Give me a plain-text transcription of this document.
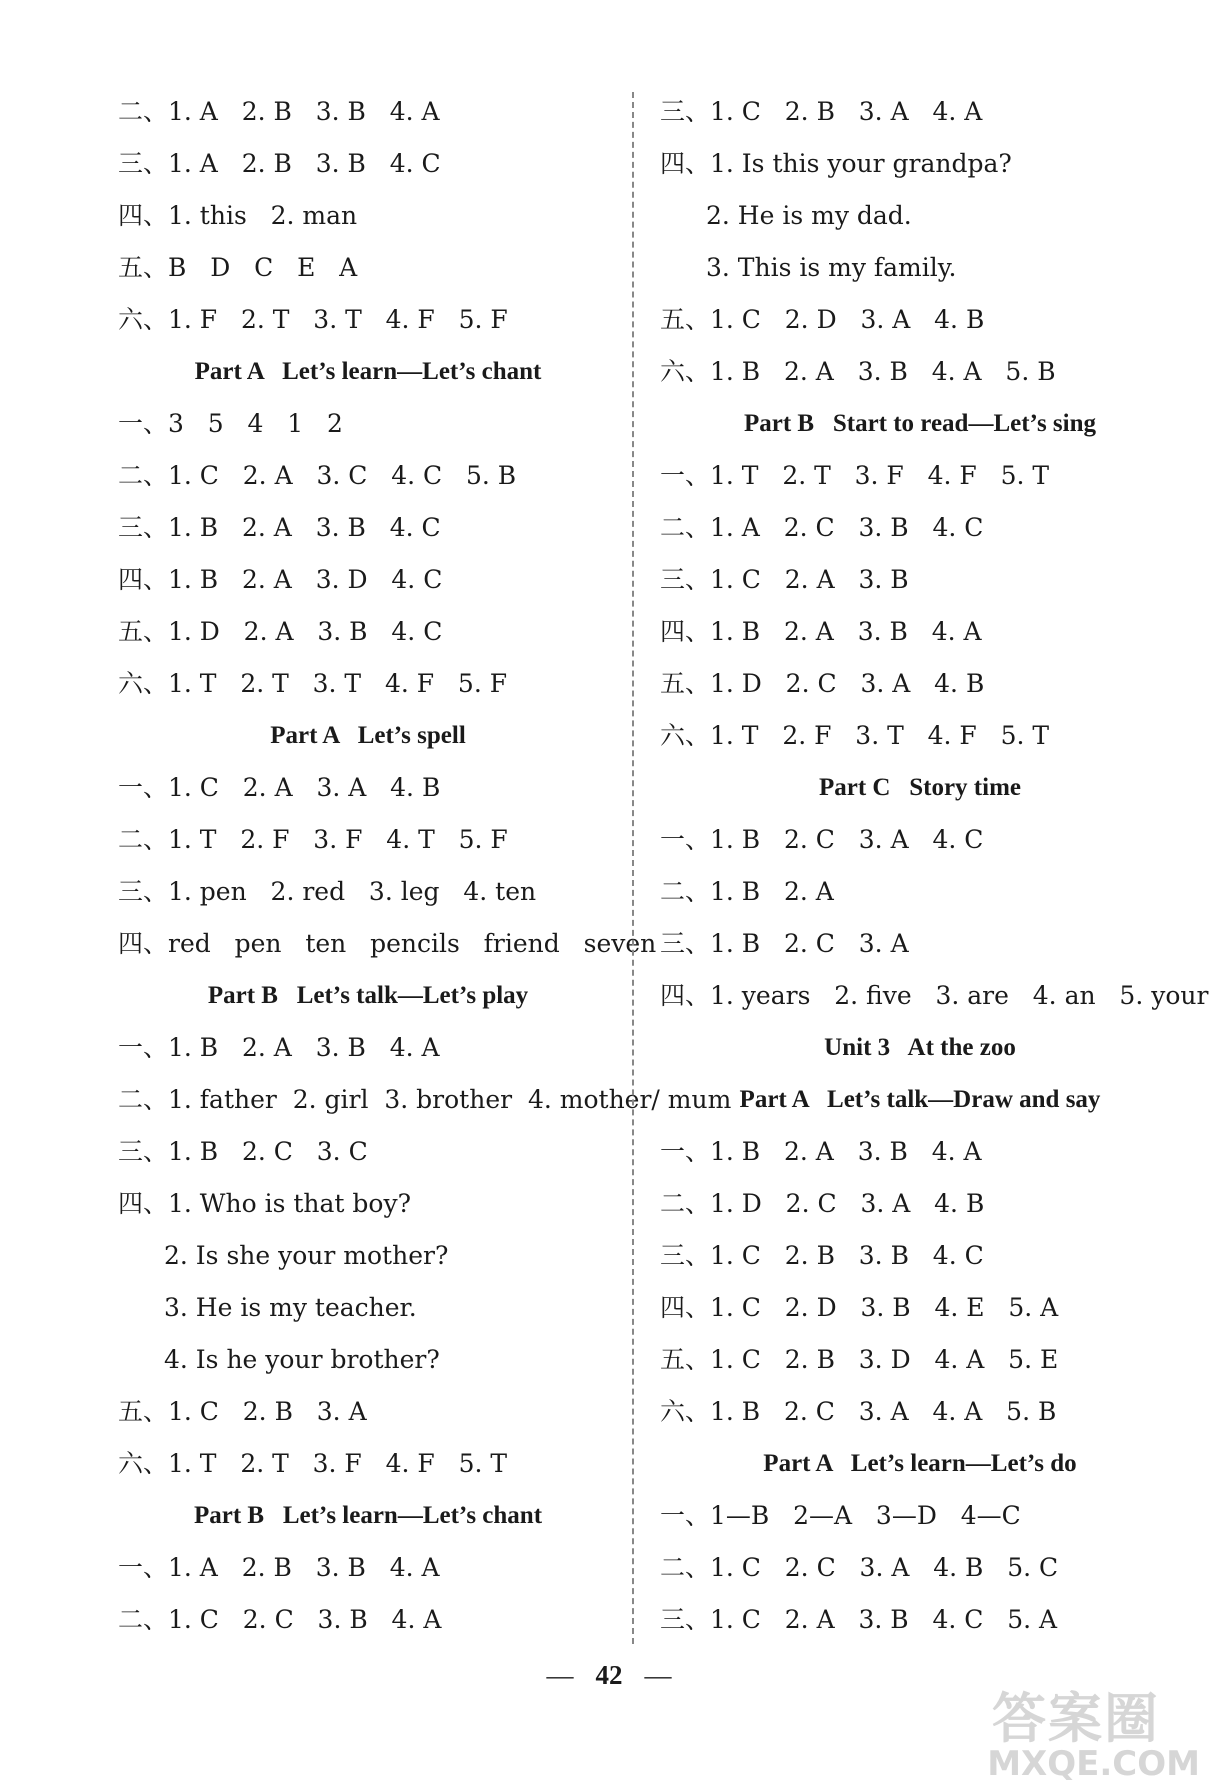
二、1. A   2. B   3. B   4. A
三、1. A   2. B   3. B   4. C
四、1. this   2. man
五、B   D   C   E   A
六、1. F   2. T   3. T   4. F   5. F
Part A   Let’s learn—Let’s chant
一、3   5   4   1   2
二、1. C   2. A   3. C   4. C   5. B
三、1. B   2. A   3. B   4. C
四、1. B   2. A   3. D   4. C
五、1. D   2. A   3. B   4. C
六、1. T   2. T   3. T   4. F   5. F
Part A   Let’s spell
一、1. C   2. A   3. A   4. B
二、1. T   2. F   3. F   4. T   5. F
三、1. pen   2. red   3. leg   4. ten
四、red   pen   ten   pencils   friend   seven
Part B   Let’s talk—Let’s play
一、1. B   2. A   3. B   4. A
二、1. father  2. girl  3. brother  4. mother/ mum
三、1. B   2. C   3. C
四、1. Who is that boy?
2. Is she your mother?
3. He is my teacher.
4. Is he your brother?
五、1. C   2. B   3. A
六、1. T   2. T   3. F   4. F   5. T
Part B   Let’s learn—Let’s chant
一、1. A   2. B   3. B   4. A
二、1. C   2. C   3. B   4. A
三、1. C   2. B   3. A   4. A
四、1. Is this your grandpa?
2. He is my dad.
3. This is my family.
五、1. C   2. D   3. A   4. B
六、1. B   2. A   3. B   4. A   5. B
Part B   Start to read—Let’s sing
一、1. T   2. T   3. F   4. F   5. T
二、1. A   2. C   3. B   4. C
三、1. C   2. A   3. B
四、1. B   2. A   3. B   4. A
五、1. D   2. C   3. A   4. B
六、1. T   2. F   3. T   4. F   5. T
Part C   Story time
一、1. B   2. C   3. A   4. C
二、1. B   2. A
三、1. B   2. C   3. A
四、1. years   2. five   3. are   4. an   5. your
Unit 3   At the zoo
Part A   Let’s talk—Draw and say
一、1. B   2. A   3. B   4. A
二、1. D   2. C   3. A   4. B
三、1. C   2. B   3. B   4. C
四、1. C   2. D   3. B   4. E   5. A
五、1. C   2. B   3. D   4. A   5. E
六、1. B   2. C   3. A   4. A   5. B
Part A   Let’s learn—Let’s do
一、1—B   2—A   3—D   4—C
二、1. C   2. C   3. A   4. B   5. C
三、1. C   2. A   3. B   4. C   5. A
— 42 —
答案圈
MXQE.COM
